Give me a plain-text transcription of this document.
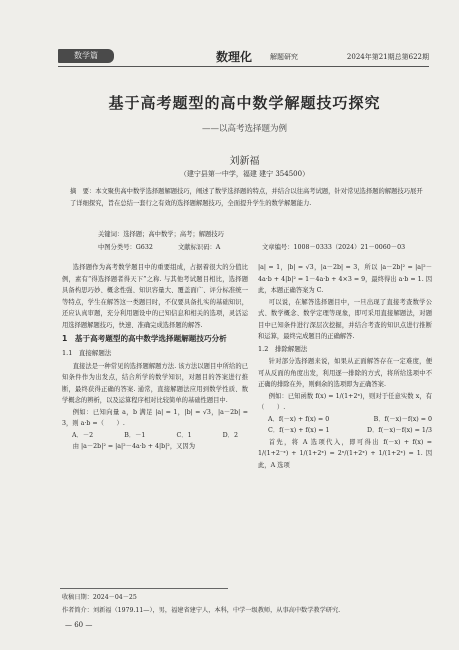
数学篇	数理化	解题研究	2024年第21期总第622期
基于高考题型的高中数学解题技巧探究
——以高考选择题为例
刘新福
（建宁县第一中学，福建 建宁 354500）
摘　要：本文聚焦高中数学选择题解题技巧，阐述了数学选择题的特点，并结合以往高考试题，针对常见选择题的解题技巧展开了详细探究，旨在总结一套行之有效的选择题解题技巧，全面提升学生的数学解题能力.
关键词：选择题；高中数学；高考；解题技巧
中图分类号：G632	文献标识码：A	文章编号：1008－0333（2024）21－0060－03

选择题作为高考数学题目中的重要组成，占据着很大的分值比例，素有“得选择题者得天下”之称. 与其他考试题目相比，选择题具备构思巧妙、概念性强、知识容量大、覆盖面广、评分标准统一等特点，学生在解答这一类题目时，不仅要具备扎实的基础知识，还应认真审题，充分利用题设中的已知信息和相关的选项，灵活运用选择题解题技巧，快速、准确完成选择题的解答.

1　基于高考题型的高中数学选择题解题技巧分析
1.1　直接解题法

直接法是一种常见的选择题解题方法. 该方法以题目中所给的已知条件作为出发点，结合所学的数学知识，对题目的答案进行推断，最终获得正确的答案. 通常，直接解题法应用到数学性质、数学概念的辨析，以及运算程序相对比较简单的基础性题目中.

例如：已知向量 a，b 满足 |a| = 1，|b| = √3，|a－2b| = 3，则 a·b =（　　）.

A．－2	B．－1	C．1	D．2

由 |a－2b|² = |a|²－4a·b + 4|b|²，又因为

|a| = 1，|b| = √3，|a－2b| = 3，所以 |a－2b|² = |a|²－4a·b + 4|b|² = 1－4a·b + 4×3 = 9，最终得出 a·b = 1. 因此，本题正确答案为 C.

可以说，在解答选择题目中，一旦出现了直接考查数学公式、数学概念、数学定理等现象，即可采用直接解题法，对题目中已知条件进行深层次挖掘，并结合考查的知识点进行推断和运算，最终完成题目的正确解答.

1.2　排除解题法

针对部分选择题来说，如果从正面解答存在一定难度，便可从反面的角度出发，利用逐一排除的方式，将所给选项中不正确的排除在外，则剩余的选项即为正确答案.

例如：已知函数 f(x) = 1/(1+2ˣ)，则对于任意实数 x，有（　　）.

A．f(－x) + f(x) = 0	B．f(－x)－f(x) = 0
C．f(－x) + f(x) = 1	D．f(－x)－f(x) = 1/3

首先，将 A 选项代入，即可得出 f(－x) + f(x) = 1/(1+2⁻ˣ) + 1/(1+2ˣ) = 2ˣ/(1+2ˣ) + 1/(1+2ˣ) = 1. 因此，A 选项

收稿日期：2024－04－25
作者简介：刘新福（1979.11—），男，福建省建宁人，本科，中学一级教师，从事高中数学教学研究.
— 60 —
